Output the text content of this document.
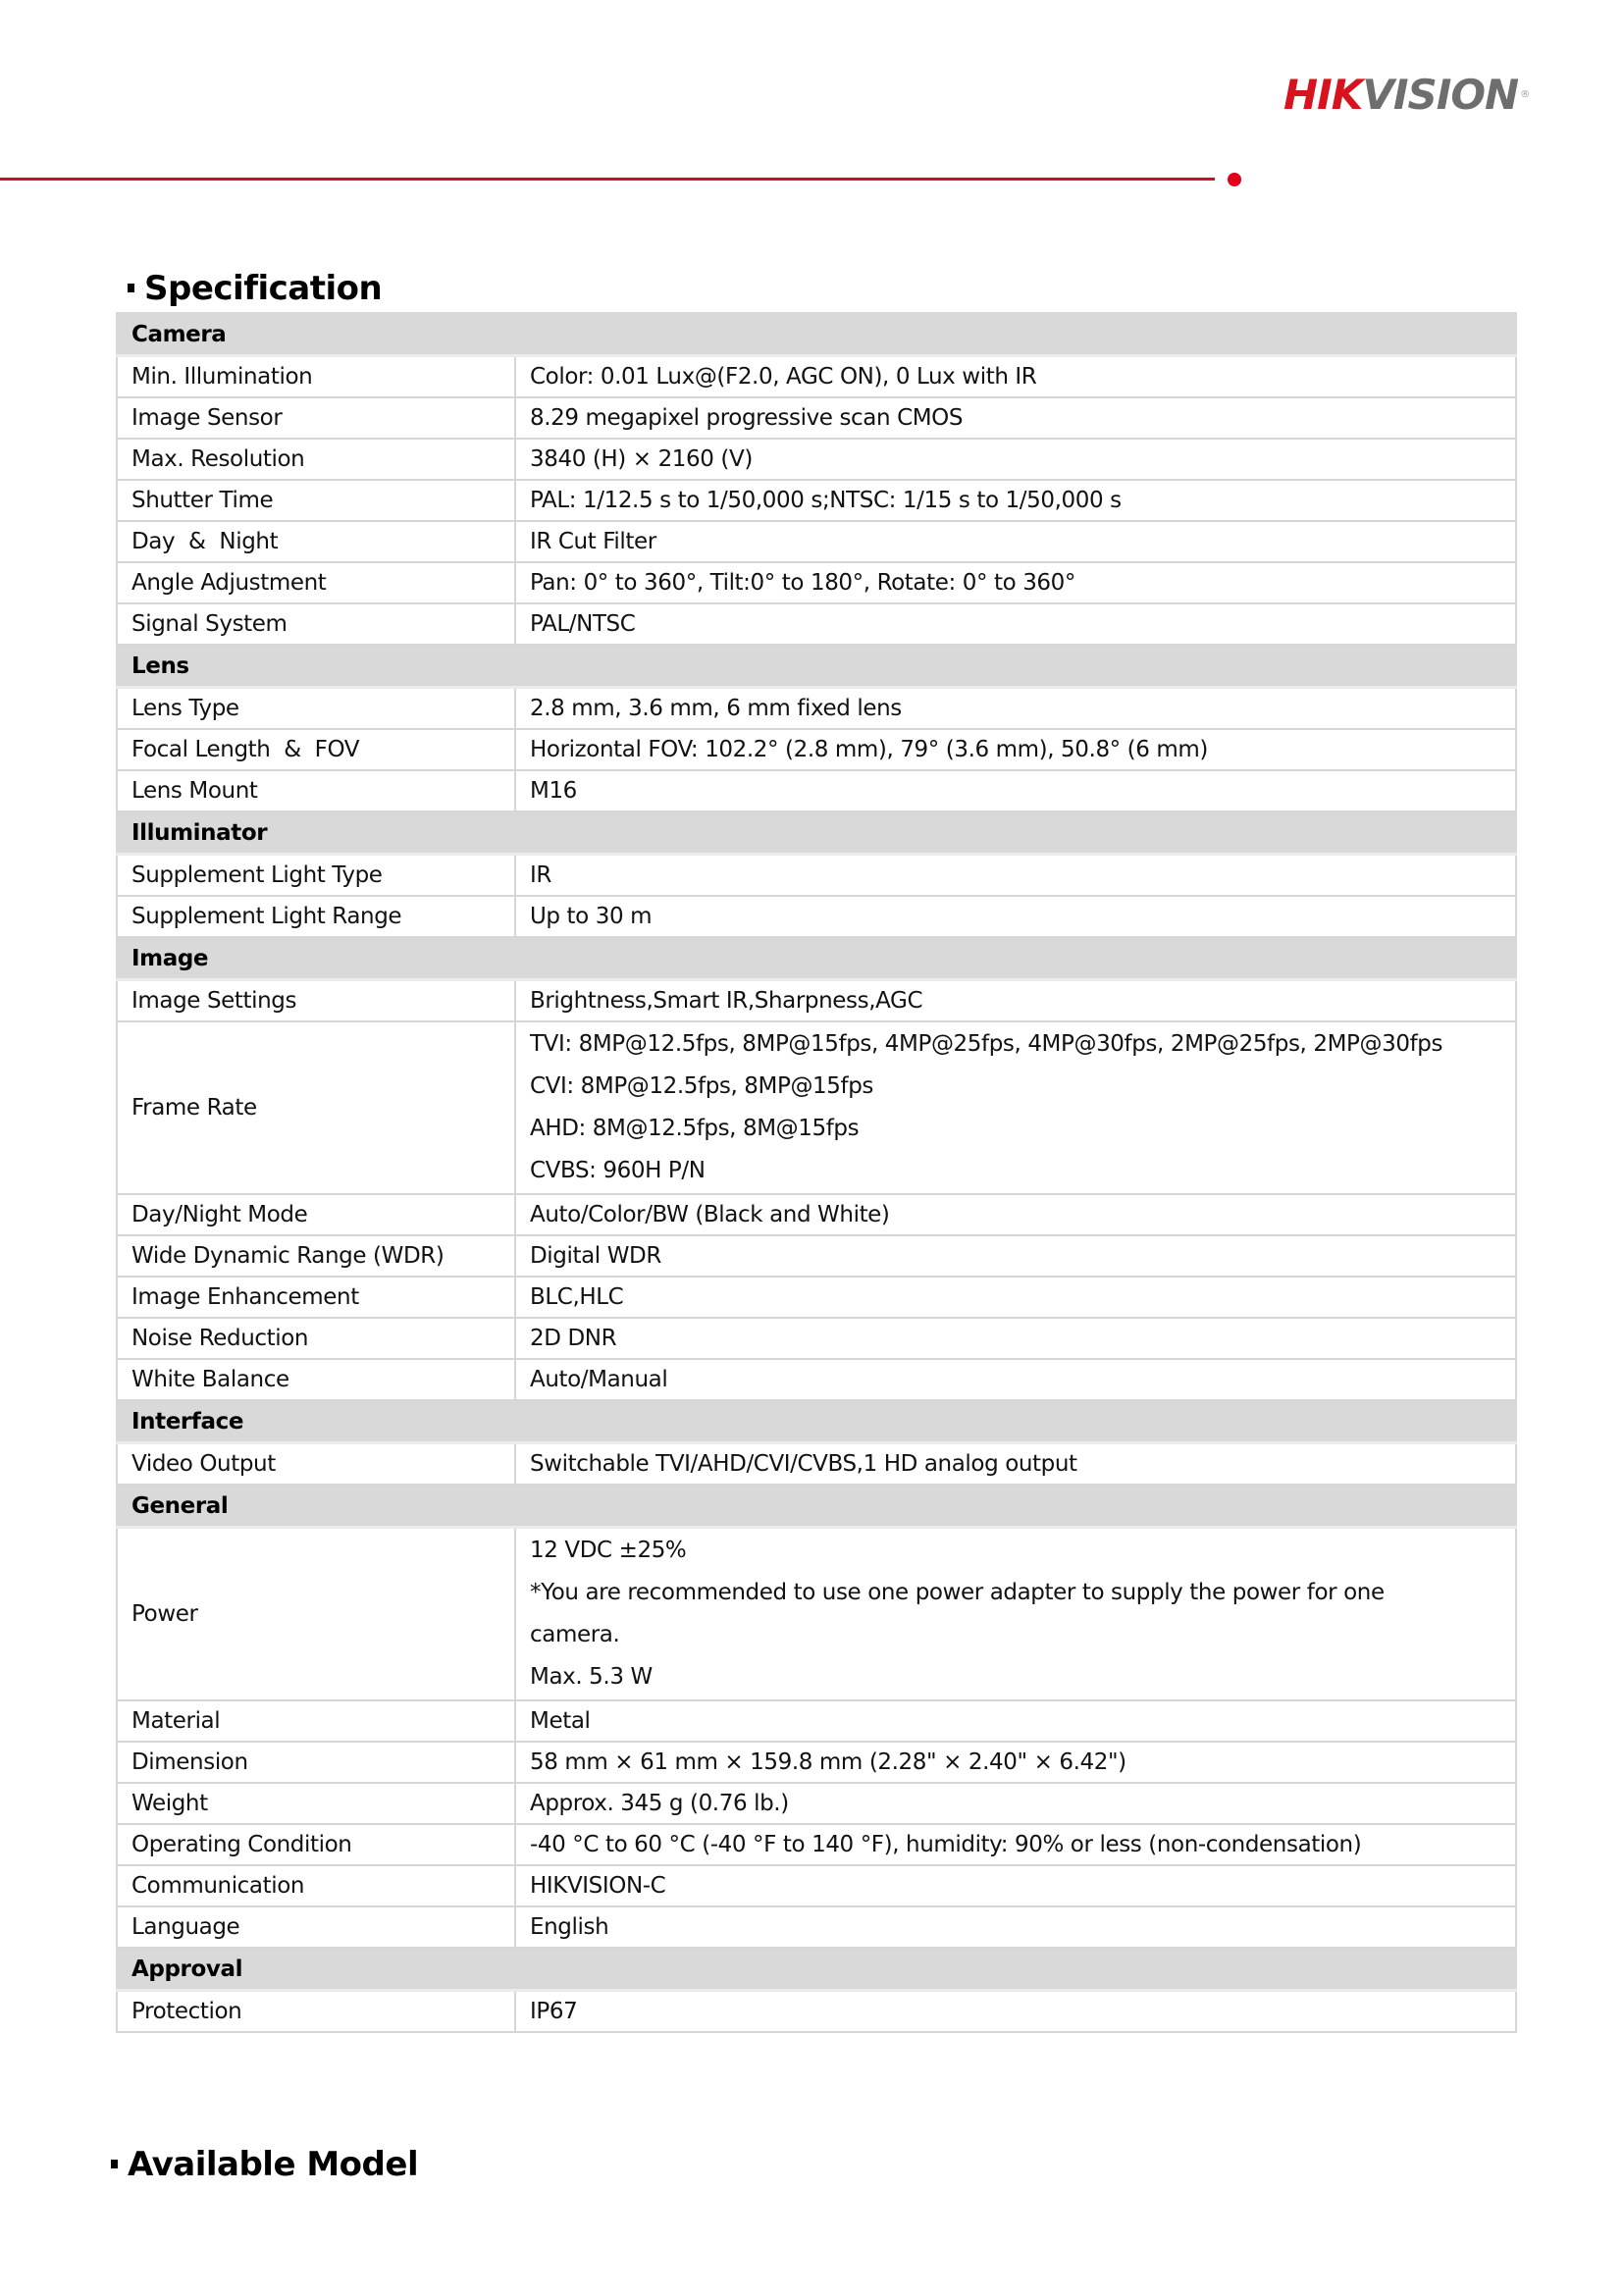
HIKVISION ®
Specification
Camera	
Min. Illumination	Color: 0.01 Lux@(F2.0, AGC ON), 0 Lux with IR
Image Sensor	8.29 megapixel progressive scan CMOS
Max. Resolution	3840 (H) × 2160 (V)
Shutter Time	PAL: 1/12.5 s to 1/50,000 s;NTSC: 1/15 s to 1/50,000 s
Day  &  Night	IR Cut Filter
Angle Adjustment	Pan: 0° to 360°, Tilt:0° to 180°, Rotate: 0° to 360°
Signal System	PAL/NTSC
Lens	
Lens Type	2.8 mm, 3.6 mm, 6 mm fixed lens
Focal Length  &  FOV	Horizontal FOV: 102.2° (2.8 mm), 79° (3.6 mm), 50.8° (6 mm)
Lens Mount	M16
Illuminator	
Supplement Light Type	IR
Supplement Light Range	Up to 30 m
Image	
Image Settings	Brightness,Smart IR,Sharpness,AGC
Frame Rate	TVI: 8MP@12.5fps, 8MP@15fps, 4MP@25fps, 4MP@30fps, 2MP@25fps, 2MP@30fps
CVI: 8MP@12.5fps, 8MP@15fps
AHD: 8M@12.5fps, 8M@15fps
CVBS: 960H P/N

Day/Night Mode	Auto/Color/BW (Black and White)
Wide Dynamic Range (WDR)	Digital WDR
Image Enhancement	BLC,HLC
Noise Reduction	2D DNR
White Balance	Auto/Manual
Interface	
Video Output	Switchable TVI/AHD/CVI/CVBS,1 HD analog output
General	
Power	12 VDC ±25%
*You are recommended to use one power adapter to supply the power for one
camera.
Max. 5.3 W

Material	Metal
Dimension	58 mm × 61 mm × 159.8 mm (2.28" × 2.40" × 6.42")
Weight	Approx. 345 g (0.76 lb.)
Operating Condition	-40 °C to 60 °C (-40 °F to 140 °F), humidity: 90% or less (non-condensation)
Communication	HIKVISION-C
Language	English
Approval	
Protection	IP67
Available Model
